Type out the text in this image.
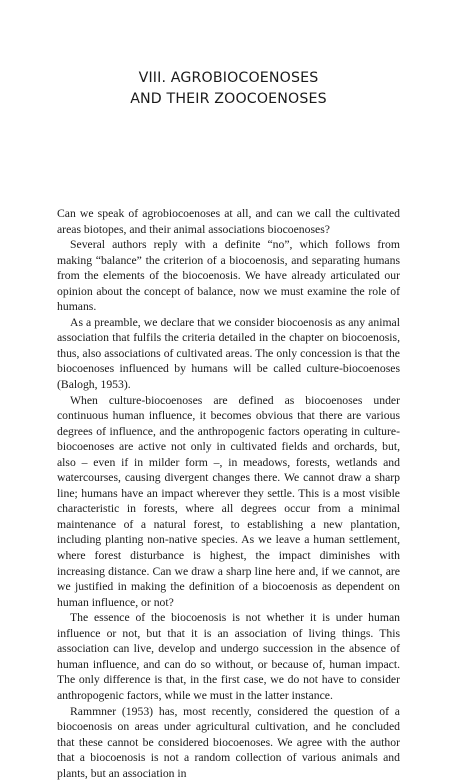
VIII. AGROBIOCOENOSES
AND THEIR ZOOCOENOSES

Can we speak of agrobiocoenoses at all, and can we call the cultivated areas biotopes, and their animal associations biocoenoses?

Several authors reply with a definite “no”, which follows from making “balance” the criterion of a biocoenosis, and separating humans from the elements of the biocoenosis. We have already articulated our opinion about the concept of balance, now we must examine the role of humans.

As a preamble, we declare that we consider biocoenosis as any animal association that fulfils the criteria detailed in the chapter on biocoenosis, thus, also associations of cultivated areas. The only concession is that the biocoenoses influenced by humans will be called culture-biocoenoses (Balogh, 1953).

When culture-biocoenoses are defined as biocoenoses under continuous human influence, it becomes obvious that there are various degrees of influence, and the anthropogenic factors operating in culture-biocoenoses are active not only in cultivated fields and orchards, but, also – even if in milder form –, in meadows, forests, wetlands and watercourses, causing divergent changes there. We cannot draw a sharp line; humans have an impact wherever they settle. This is a most visible characteristic in forests, where all degrees occur from a minimal maintenance of a natural forest, to establishing a new plantation, including planting non-native species. As we leave a human settlement, where forest disturbance is highest, the impact diminishes with increasing distance. Can we draw a sharp line here and, if we cannot, are we justified in making the definition of a biocoenosis as dependent on human influence, or not?

The essence of the biocoenosis is not whether it is under human influence or not, but that it is an association of living things. This association can live, develop and undergo succession in the absence of human influence, and can do so without, or because of, human impact. The only difference is that, in the first case, we do not have to consider anthropogenic factors, while we must in the latter instance.

Rammner (1953) has, most recently, considered the question of a biocoenosis on areas under agricultural cultivation, and he concluded that these cannot be considered biocoenoses. We agree with the author that a biocoenosis is not a random collection of various animals and plants, but an association in
